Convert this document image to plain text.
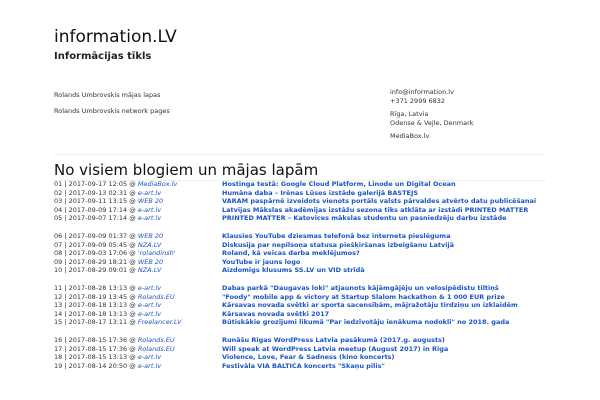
information.LV
Informācijas tīkls
Rolands Umbrovskis mājas lapas
Rolands Umbrovskis network pages
info@information.lv
+371 2999 6832
Rīga, Latvia
Odense & Vejle, Denmark
MediaBox.lv
No visiem blogiem un mājas lapām
01 | 2017-09-17 12:05 @ MediaBox.lv	Hostinga testā: Google Cloud Platform, Linode un Digital Ocean
02 | 2017-09-13 02:31 @ e-art.lv	Humāna daba – Irēnas Lūses izstāde galerijā BASTEJS
03 | 2017-09-11 13:15 @ WEB 20	VARAM paspārnē izveidots vienots portāls valsts pārvaldes atvērto datu publicēšanai
04 | 2017-09-09 17:14 @ e-art.lv	Latvijas Mākslas akadēmijas izstāžu sezona tiks atklāta ar izstādi PRINTED MATTER
05 | 2017-09-07 17:14 @ e-art.lv	PRINTED MATTER – Katovices mākslas studentu un pasniedzēju darbu izstāde
06 | 2017-09-09 01:37 @ WEB 20	Klausies YouTube dziesmas telefonā bez interneta pieslēguma
07 | 2017-09-09 05:45 @ NZA.LV	Diskusija par nepilsoņa statusa piešķiršanas izbeigšanu Latvijā
08 | 2017-09-03 17:06 @ 'rolandinsh'	Roland, kā veicas darba meklējumos?
09 | 2017-08-29 18:21 @ WEB 20	YouTube ir jauns logo
10 | 2017-08-29 09:01 @ NZA.LV	Aizdomīgs klusums SS.LV un VID strīdā
11 | 2017-08-28 13:13 @ e-art.lv	Dabas parkā "Daugavas loki" atjaunots kājāmgājēju un velosipēdistu tiltiņš
12 | 2017-08-19 13:45 @ Rolands.EU	"Foody" mobile app & victory at Startup Slalom hackathon & 1 000 EUR prize
13 | 2017-08-18 13:13 @ e-art.lv	Kārsavas novada svētki ar sporta sacensībām, mājražotāju tirdziņu un izklaidēm
14 | 2017-08-18 13:13 @ e-art.lv	Kārsavas novada svētki 2017
15 | 2017-08-17 13:11 @ Freelancer.LV	Būtiskākie grozījumi likumā "Par iedzīvotāju ienākuma nodokli" no 2018. gada
16 | 2017-08-15 17:36 @ Rolands.EU	Runāšu Rīgas WordPress Latvia pasākumā (2017.g. augusts)
17 | 2017-08-15 17:36 @ Rolands.EU	Will speak at WordPress Latvia meetup (August 2017) in Riga
18 | 2017-08-15 13:13 @ e-art.lv	Violence, Love, Fear & Sadness (kino koncerts)
19 | 2017-08-14 20:50 @ e-art.lv	Festivāla VIA BALTICA koncerts "Skaņu pilis"
